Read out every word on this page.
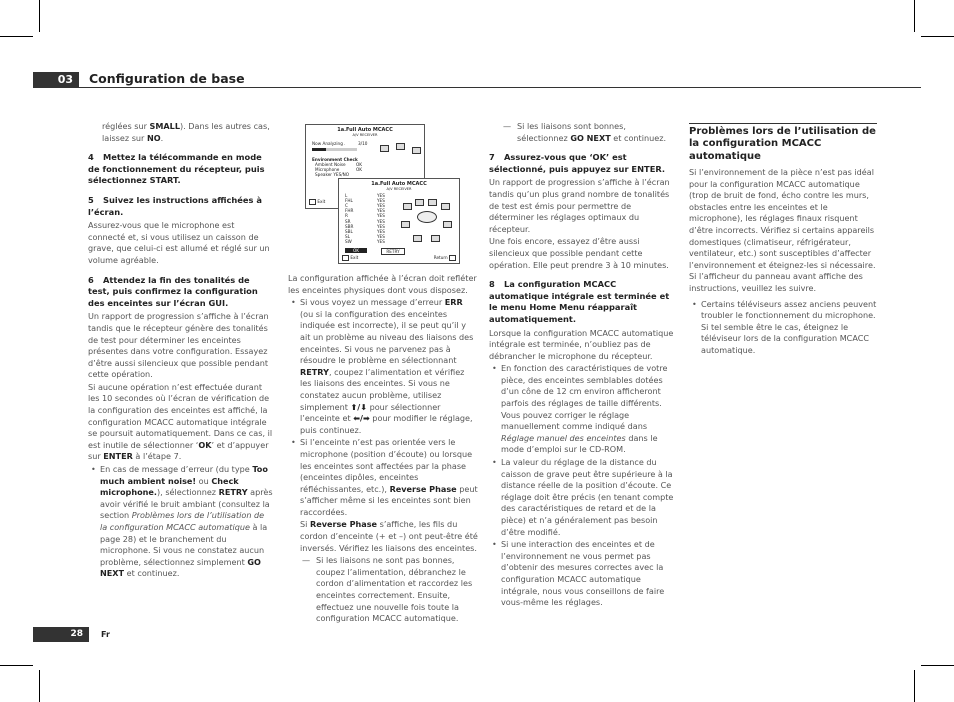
03	Configuration de base

réglées sur SMALL). Dans les autres cas, laissez sur NO.

4 Mettez la télécommande en mode de fonctionnement du récepteur, puis sélectionnez START.

5 Suivez les instructions affichées à l’écran.

Assurez-vous que le microphone est connecté et, si vous utilisez un caisson de grave, que celui-ci est allumé et réglé sur un volume agréable.

6 Attendez la fin des tonalités de test, puis confirmez la configuration des enceintes sur l’écran GUI.

Un rapport de progression s’affiche à l’écran tandis que le récepteur génère des tonalités de test pour déterminer les enceintes présentes dans votre configuration. Essayez d’être aussi silencieux que possible pendant cette opération.

Si aucune opération n’est effectuée durant les 10 secondes où l’écran de vérification de la configuration des enceintes est affiché, la configuration MCACC automatique intégrale se poursuit automatiquement. Dans ce cas, il est inutile de sélectionner ‘OK’ et d’appuyer sur ENTER à l’étape 7.

• En cas de message d’erreur (du type Too much ambient noise! ou Check microphone.), sélectionnez RETRY après avoir vérifié le bruit ambiant (consultez la section Problèmes lors de l’utilisation de la configuration MCACC automatique à la page 28) et le branchement du microphone. Si vous ne constatez aucun problème, sélectionnez simplement GO NEXT et continuez.

1a.Full Auto MCACC
A/V RECEIVER
Now Analyzing .	3/10
Environment Check
Ambient Noise OK
Microphone	OK
Speaker YES/NO
Exit
1a.Full Auto MCACC
A/V RECEIVER
L	YES
FHL	YES
C	YES
FHR	YES
R	YES
SR	YES
SBR	YES
SBL	YES
SL	YES
SW	YES
OK	RETRY
Exit	Return

La configuration affichée à l’écran doit refléter les enceintes physiques dont vous disposez.

• Si vous voyez un message d’erreur ERR (ou si la configuration des enceintes indiquée est incorrecte), il se peut qu’il y ait un problème au niveau des liaisons des enceintes. Si vous ne parvenez pas à résoudre le problème en sélectionnant RETRY, coupez l’alimentation et vérifiez les liaisons des enceintes. Si vous ne constatez aucun problème, utilisez simplement ⬆/⬇ pour sélectionner l’enceinte et ⬅/➡ pour modifier le réglage, puis continuez.

• Si l’enceinte n’est pas orientée vers le microphone (position d’écoute) ou lorsque les enceintes sont affectées par la phase (enceintes dipôles, enceintes réfléchissantes, etc.), Reverse Phase peut s’afficher même si les enceintes sont bien raccordées.

Si Reverse Phase s’affiche, les fils du cordon d’enceinte (+ et –) ont peut-être été inversés. Vérifiez les liaisons des enceintes.

— Si les liaisons ne sont pas bonnes, coupez l’alimentation, débranchez le cordon d’alimentation et raccordez les enceintes correctement. Ensuite, effectuez une nouvelle fois toute la configuration MCACC automatique.

— Si les liaisons sont bonnes, sélectionnez GO NEXT et continuez.

7 Assurez-vous que ‘OK’ est sélectionné, puis appuyez sur ENTER.

Un rapport de progression s’affiche à l’écran tandis qu’un plus grand nombre de tonalités de test est émis pour permettre de déterminer les réglages optimaux du récepteur.

Une fois encore, essayez d’être aussi silencieux que possible pendant cette opération. Elle peut prendre 3 à 10 minutes.

8 La configuration MCACC automatique intégrale est terminée et le menu Home Menu réapparaît automatiquement.

Lorsque la configuration MCACC automatique intégrale est terminée, n’oubliez pas de débrancher le microphone du récepteur.

• En fonction des caractéristiques de votre pièce, des enceintes semblables dotées d’un cône de 12 cm environ afficheront parfois des réglages de taille différents. Vous pouvez corriger le réglage manuellement comme indiqué dans Réglage manuel des enceintes dans le mode d’emploi sur le CD-ROM.

• La valeur du réglage de la distance du caisson de grave peut être supérieure à la distance réelle de la position d’écoute. Ce réglage doit être précis (en tenant compte des caractéristiques de retard et de la pièce) et n’a généralement pas besoin d’être modifié.

• Si une interaction des enceintes et de l’environnement ne vous permet pas d’obtenir des mesures correctes avec la configuration MCACC automatique intégrale, nous vous conseillons de faire vous-même les réglages.

Problèmes lors de l’utilisation de la configuration MCACC automatique

Si l’environnement de la pièce n’est pas idéal pour la configuration MCACC automatique (trop de bruit de fond, écho contre les murs, obstacles entre les enceintes et le microphone), les réglages finaux risquent d’être incorrects. Vérifiez si certains appareils domestiques (climatiseur, réfrigérateur, ventilateur, etc.) sont susceptibles d’affecter l’environnement et éteignez-les si nécessaire. Si l’afficheur du panneau avant affiche des instructions, veuillez les suivre.

• Certains téléviseurs assez anciens peuvent troubler le fonctionnement du microphone. Si tel semble être le cas, éteignez le téléviseur lors de la configuration MCACC automatique.

28	Fr
